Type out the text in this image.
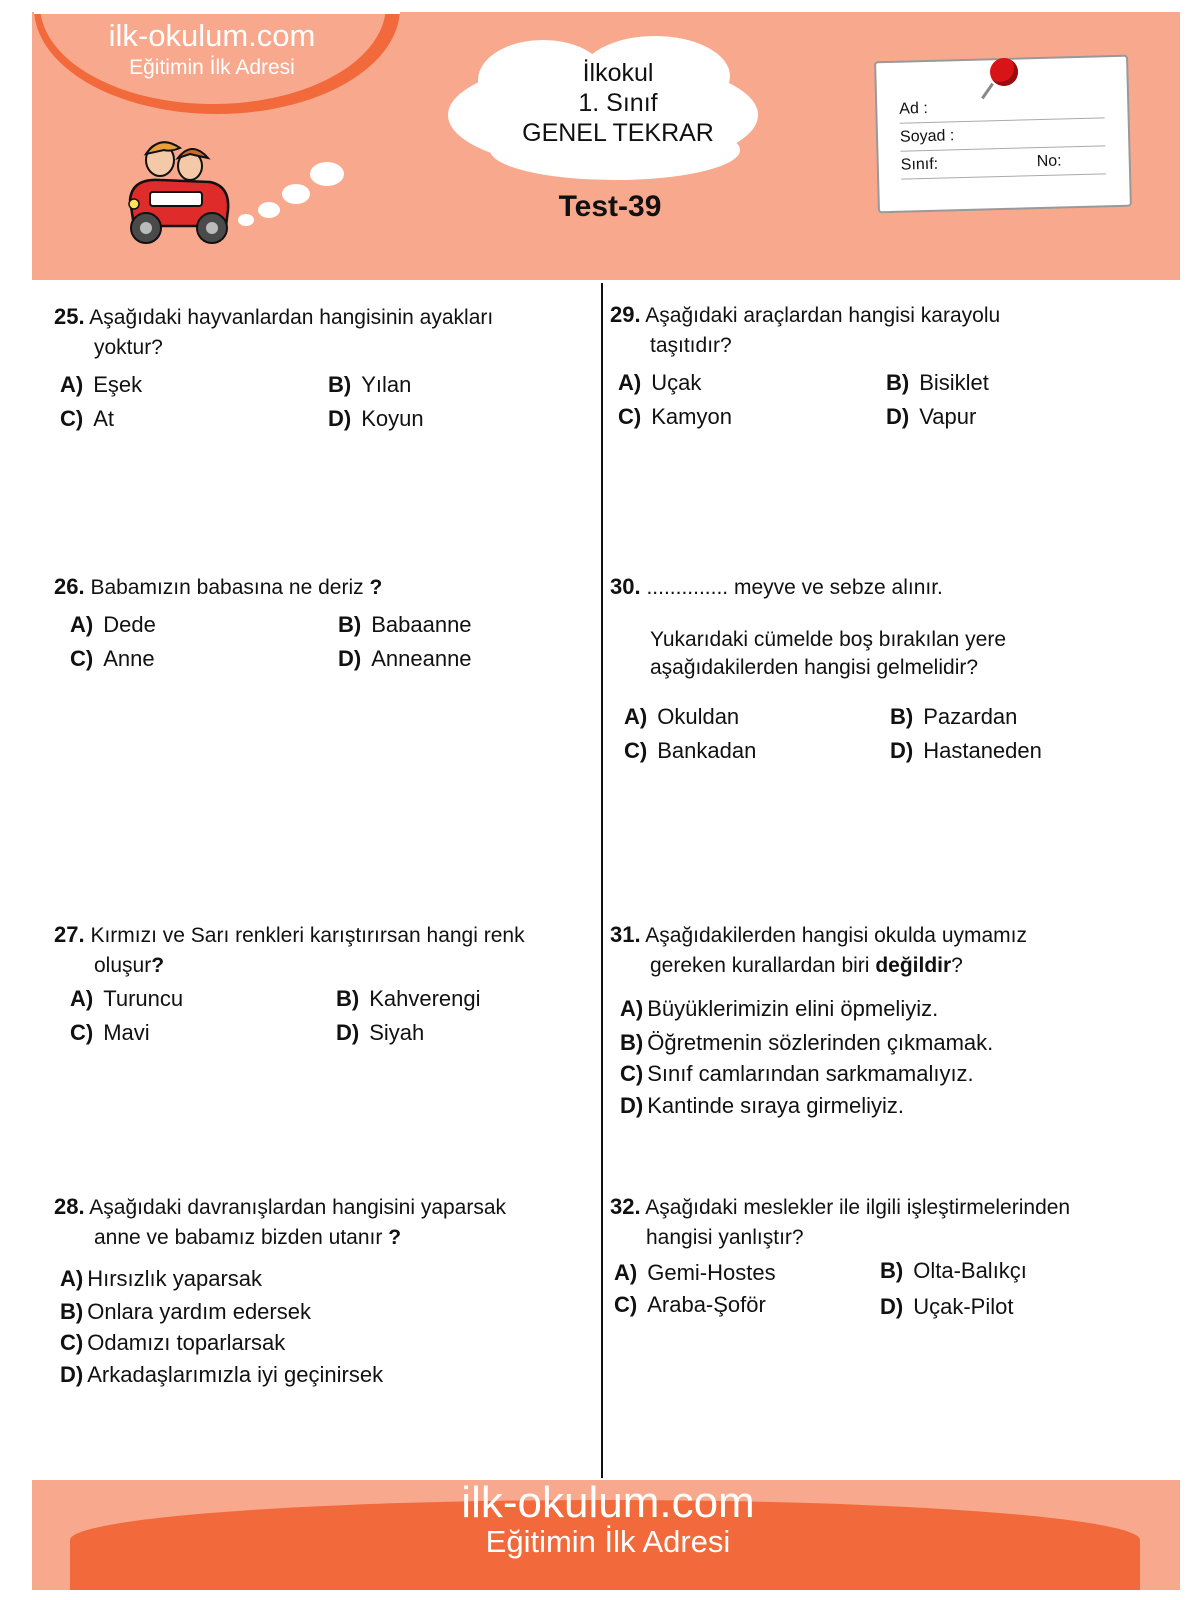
ilk-okulum.com
Eğitimin İlk Adresi	İlkokul
1. Sınıf
GENEL TEKRAR
Test-39
Ad :
Soyad :
Sınıf:	No:
25. Aşağıdaki hayvanlardan hangisinin ayakları
yoktur?
A) Eşek	B) Yılan
C) At	D) Koyun
26. Babamızın babasına ne deriz ?
A) Dede	B) Babaanne
C) Anne	D) Anneanne
27. Kırmızı ve Sarı renkleri karıştırırsan hangi renk
oluşur?
A) Turuncu	B) Kahverengi
C) Mavi	D) Siyah
28. Aşağıdaki davranışlardan hangisini yaparsak
anne ve babamız bizden utanır ?
A) Hırsızlık yaparsak
B) Onlara yardım edersek
C) Odamızı toparlarsak
D) Arkadaşlarımızla iyi geçinirsek
29. Aşağıdaki araçlardan hangisi karayolu
taşıtıdır?
A) Uçak	B) Bisiklet
C) Kamyon	D) Vapur
30. .............. meyve ve sebze alınır.
Yukarıdaki cümelde boş bırakılan yere
aşağıdakilerden hangisi gelmelidir?
A) Okuldan	B) Pazardan
C) Bankadan	D) Hastaneden
31. Aşağıdakilerden hangisi okulda uymamız
gereken kurallardan biri değildir?
A) Büyüklerimizin elini öpmeliyiz.
B) Öğretmenin sözlerinden çıkmamak.
C) Sınıf camlarından sarkmamalıyız.
D) Kantinde sıraya girmeliyiz.
32. Aşağıdaki meslekler ile ilgili işleştirmelerinden
hangisi yanlıştır?
A) Gemi-Hostes	B) Olta-Balıkçı
C) Araba-Şoför	D) Uçak-Pilot
ilk-okulum.com
Eğitimin İlk Adresi
